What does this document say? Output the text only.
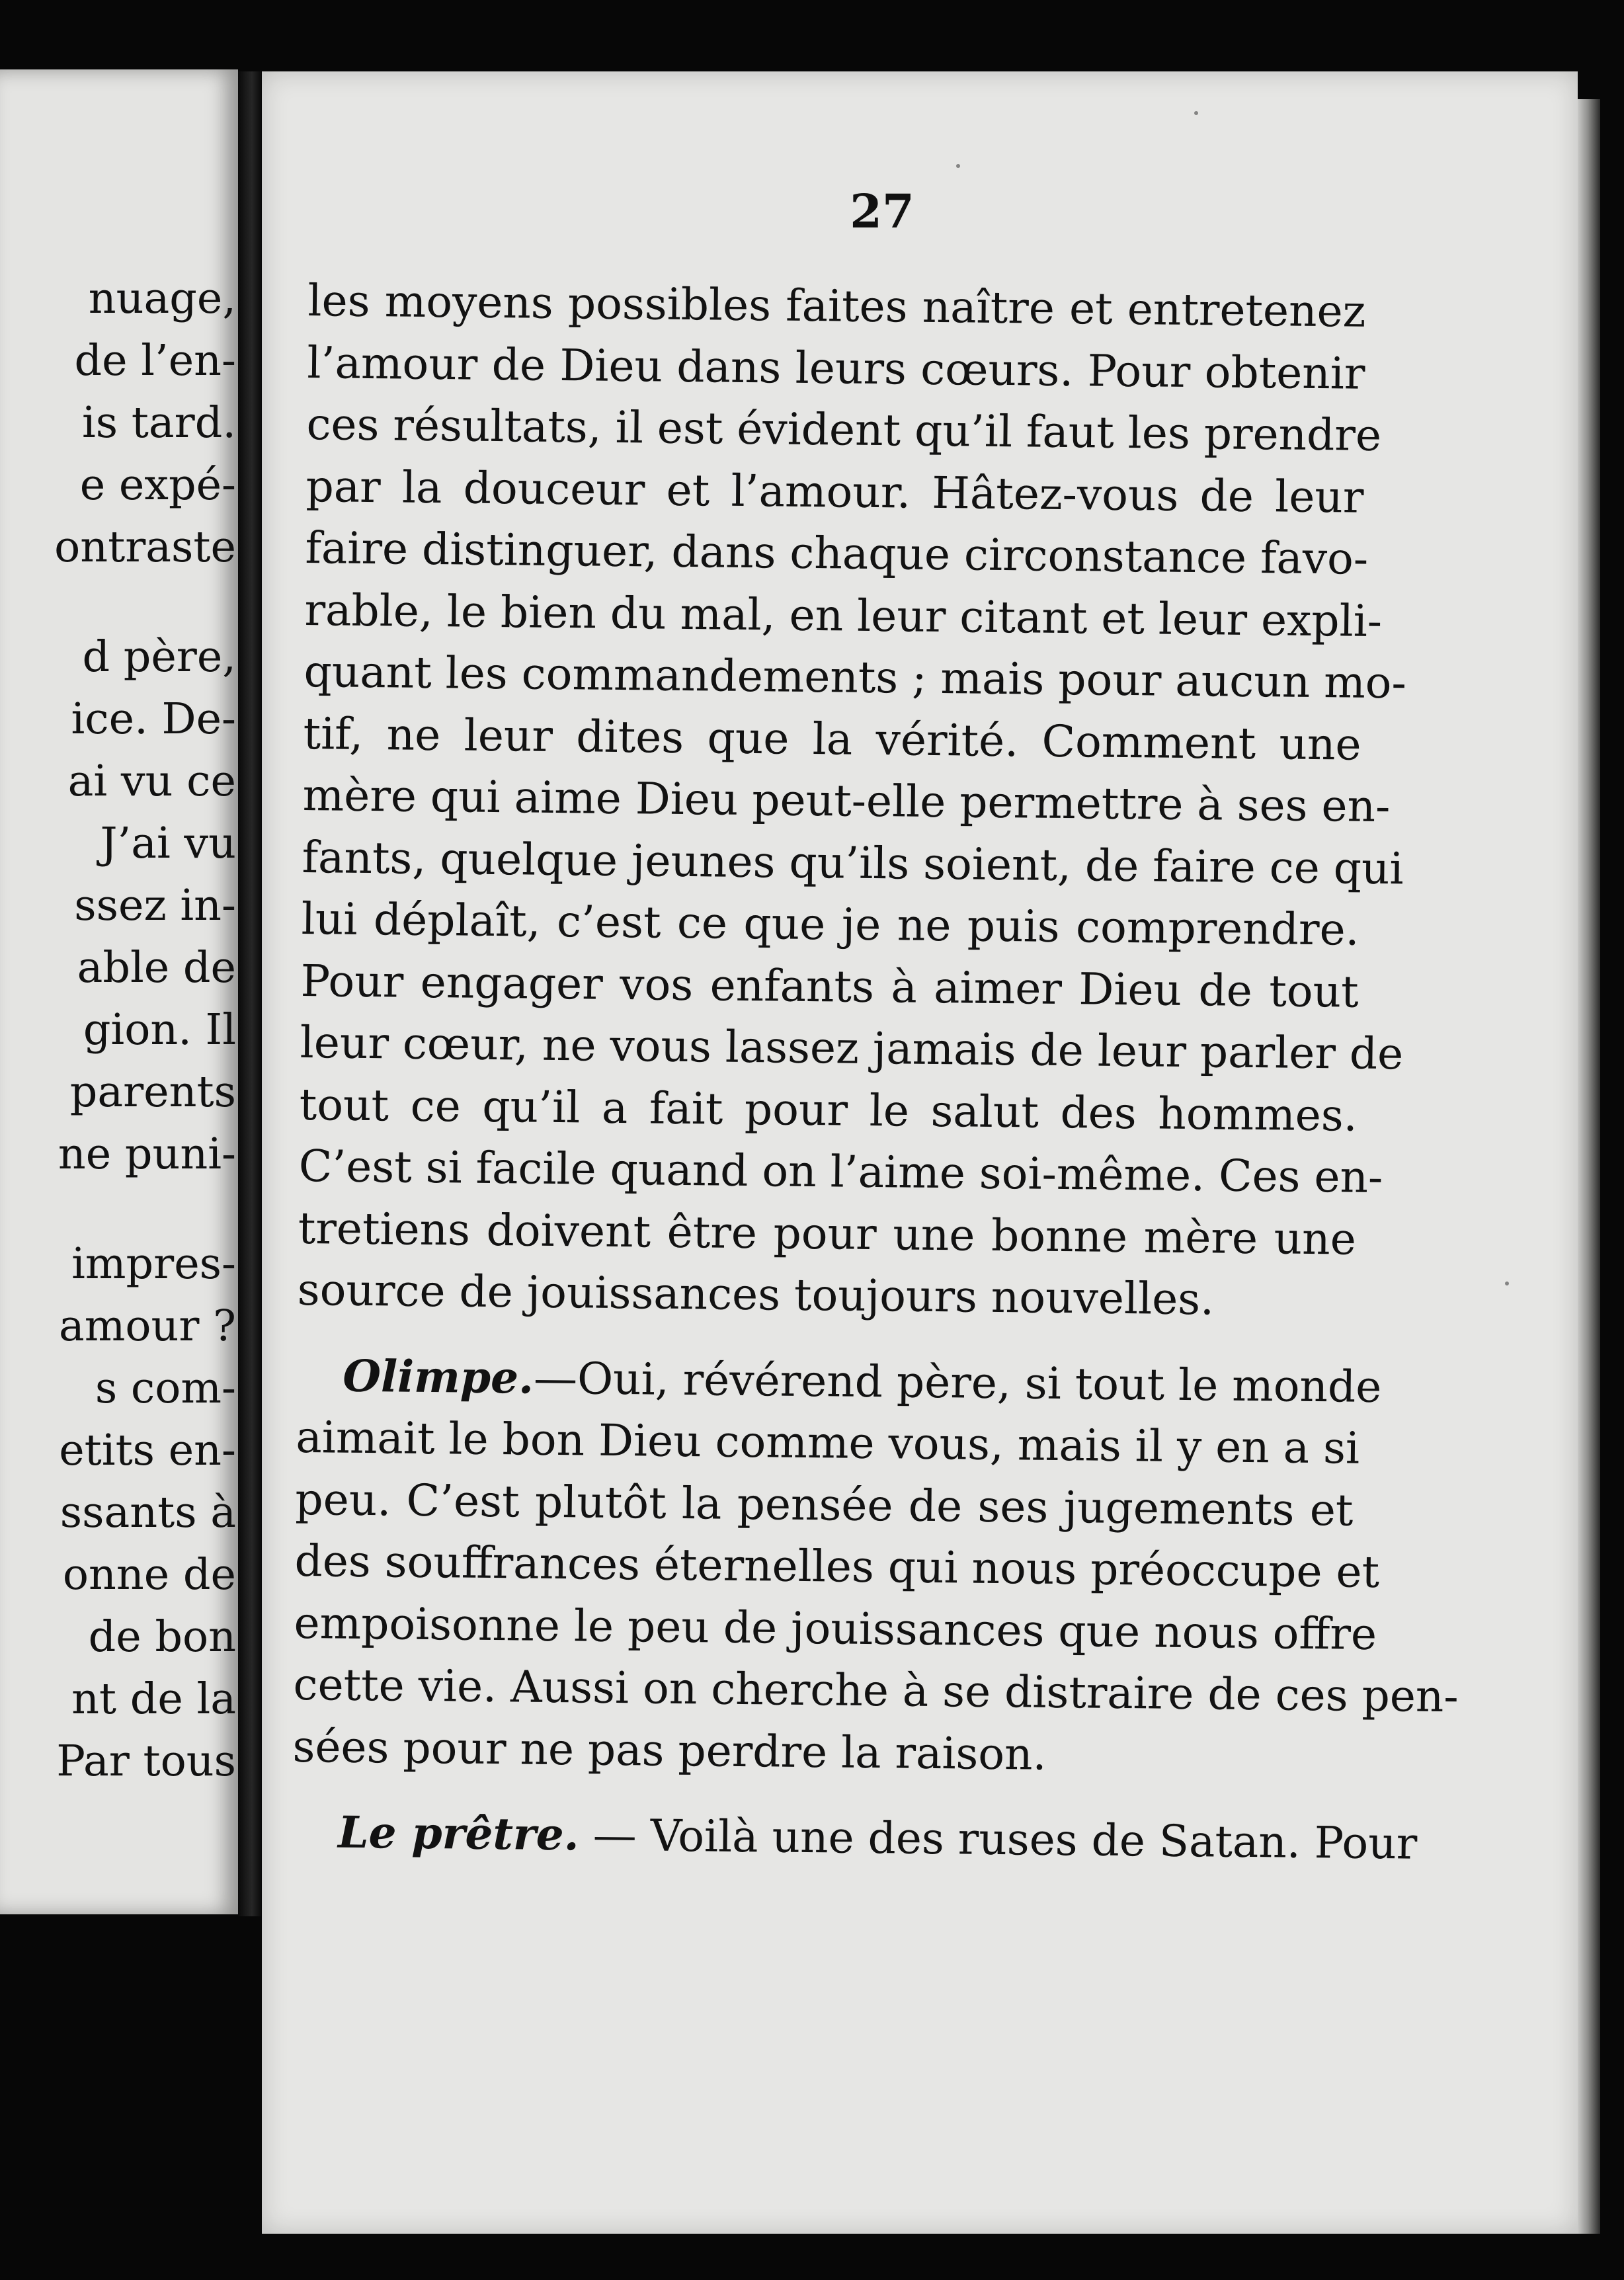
nuage,
de l’en-
is tard.
e expé-
ontraste
d père,
ice. De-
ai vu ce
J’ai vu
ssez in-
able de
gion. Il
parents
ne puni-
impres-
amour ?
s com-
etits en-
ssants à
onne de
de bon
nt de la
Par tous
27
les moyens possibles faites naître et entretenez
l’amour de Dieu dans leurs cœurs. Pour obtenir
ces résultats, il est évident qu’il faut les prendre
par la douceur et l’amour. Hâtez-vous de leur
faire distinguer, dans chaque circonstance favo-
rable, le bien du mal, en leur citant et leur expli-
quant les commandements ; mais pour aucun mo-
tif, ne leur dites que la vérité. Comment une
mère qui aime Dieu peut-elle permettre à ses en-
fants, quelque jeunes qu’ils soient, de faire ce qui
lui déplaît, c’est ce que je ne puis comprendre.
Pour engager vos enfants à aimer Dieu de tout
leur cœur, ne vous lassez jamais de leur parler de
tout ce qu’il a fait pour le salut des hommes.
C’est si facile quand on l’aime soi-même. Ces en-
tretiens doivent être pour une bonne mère une
source de jouissances toujours nouvelles.
Olimpe.—Oui, révérend père, si tout le monde
aimait le bon Dieu comme vous, mais il y en a si
peu. C’est plutôt la pensée de ses jugements et
des souffrances éternelles qui nous préoccupe et
empoisonne le peu de jouissances que nous offre
cette vie. Aussi on cherche à se distraire de ces pen-
sées pour ne pas perdre la raison.
Le prêtre. — Voilà une des ruses de Satan. Pour
